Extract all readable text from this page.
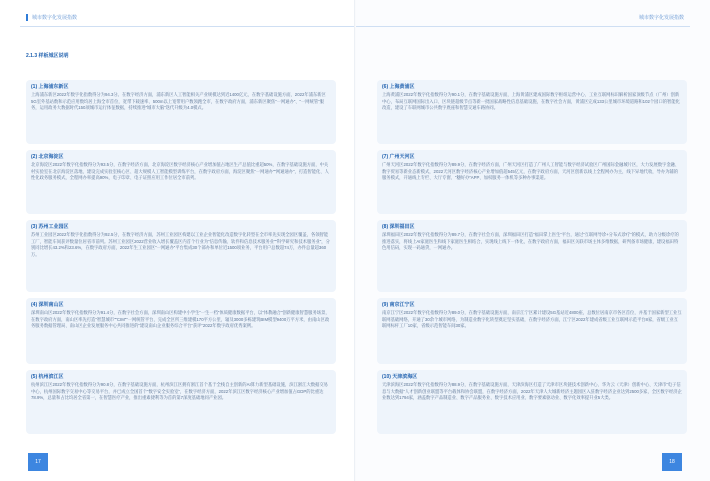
城市数字化发展指数
2.1.3 样板城区说明

(1) 上海浦东新区

上海浦东新区2022年数字化指数得分为94.3分。在数字经济方面，浦东新区人工智能相关产业规模达到近1400亿元，在数字基础设施方面，2022年浦东新区5G室外基站数和示范应用数均居上海全市首位，宽带下载速率、500m以上宽带用户数领跑全市，在数字政府方面，浦东新区聚焦“一网通办”、“一网统管”服务，运用政务大数据时代150项城市运行体征数据，持续推进“城市大脑”迭代升级为4.0模式。

(2) 北京海淀区

北京海淀区2022年数字化指数得分为93.5分，在数字经济方面，北京海淀区数字经济核心产业增加值占地区生产总值比重超50%，在数字基础设施方面，中关村实验室在北京海淀区落地，建设完成实验室核心区、超大规模人工智能模型训练平台，在数字政府方面，海淀区聚焦“一网通办”“网通通办”，打造智能化、人性化政务服务模式，全程网办率提高90%，电子印章、电子证照应用工作位居全市前列。

(3) 苏州工业园区

苏州工业园区2022年数字化指数得分为92.5分，在数字经济方面，苏州工业园区构建以工业企业智能化改造数字化转型在全市率先实现全园区覆盖，各领智能工厂，智能车间获评数量位居省市前列。苏州工业园区2022营业收入增长覆盖区内首个行业为“信息传输、软件和信息技术服务业”“科学研究和技术服务业”，分别同比增长43.2%和23.6%，在数字政府方面，2022年生工业园区“一网通办”平台集成30个部办和单位近1500项业务，平台用户总数超74万，办件总量超360万。

(4) 深圳南山区

深圳南山区2022年数字化指数得分为91.4分，在数字社会方面，深圳南山区构建中小学生“一生一档”体质健康数据平台，以“体教融合”创新健康智慧服务场景，在数字政府方面，南山区率先打造“智慧城市”“CIM”“一网统管平台，完成全区所三维建模170平方公里，辐及3000多栋建筑BIM模型9400万平方米，由南山区政务服务数据管理局、南山区企业发展服务中心共同推进的“建设南山企业服务综合平台”获评“2022年数字政府优秀案例。

(5) 杭州滨江区

杭州滨江区2022年数字化指数得分为90.8分，在数字基础设施方面，杭州滨江区拥有浙江首个基于全栈自主创新的AI算力新型基础设施，滨江浙江大数据交易中心，杭州国际数字交易中心等交易平台，并已成立全国首个“数字安全实验室”，在数字经济方面，2022年滨江区数字经济核心产业增加值占GDP的比重达78.9%，总量和占比均居全省第一，在智慧医疗产业，推出重素捷利等为首的第7深度基础地同产业园。

17
城市数字化发展指数

(6) 上海黄浦区

上海黄浦区2022年数字化指数得分为90.1分，在数字基础设施方面，上海黄浦区建成国际数字枢纽运营中心、工业互联网标识解析国家顶级节点（广州）创新中心，布局互联网国际出入口、区块链超级节点等新一批国家战略性信息基础设施，在数字社会方面，黄浦区完成133公里城市环境道路和102个园口的智能化改造，建设了车联网城市公共数字底座和智慧交通车路协同。

(7) 广州天河区

广州天河区2022年数字化指数得分为89.9分，在数字经济方面，广州天河区打造了广州人工智能与数字经济试验区广州国际金融城片区，大力发展数字金融、数字贸易等新业态新模式，2022天河区数字经济核心产业增加值超545亿元，在数字政府方面，天河区创新以线上全程网办为主，线下异地代收，导办为辅的服务模式，开通线上专栏、大厅专窗、“穗好办”APP、加权服务一体机等多种办事渠道。

(8) 深圳福田区

深圳福田区2022年数字化指数得分为89.7分，在数字社会方面，深圳福田区打造“福田掌上医生”平台，通过“互联网导诊+分布式诊疗”的模式，助力分级诊疗的推进落实，将线上AI家庭医生和线下家庭医生相结合，实现线上线下一体化，在数字政府方面，福田区关联市场主体多维数据，研判备市场健康，建设福田特色用信码，实现一码通贷，一网通办。

(9) 南京江宁区

南京江宁区2022年数字化指数得分为89.0分，在数字基础设施方面，南京江宁区累计建设5G基站近4800座，总数位居南京市各区首位，并基于国家新型工业互联网基础网络，开通了30余个城市网络，为制造业数字化转型奠定坚实基础，在数字经济方面，江宁区2022年建成省级工业互联网示范平台8家，省级工业互联网标杆工厂10家，省级示范智能车间30家。

(10) 天津滨海区

天津滨海区2022年数字化指数得分为88.9分，在数字基础设施方面，天津滨海区打造了天津市区块链技术创新中心、华为云（天津）创新中心、天津市“电子信息与大数据”人才创新创业联盟等平台载体和协会联盟，在数字经济方面，2022年天津人大城新经济主题园区入驻数字经济企业达到2500多家，全区数字经济企业数达到1794家，涵盖数字产品制造业、数字产品服务业、数字技术应用业、数字要素驱动业、数字化效率提升业5大类。

18
